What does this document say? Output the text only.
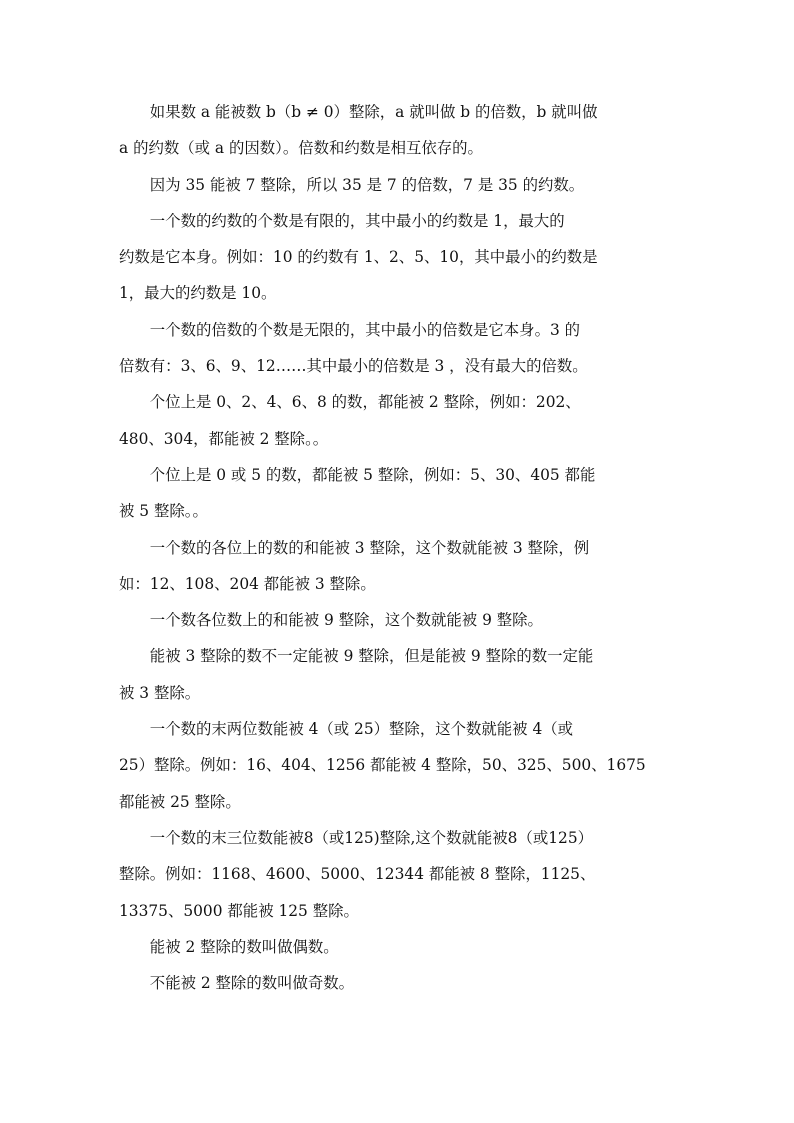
如果数 a 能被数 b（b ≠ 0）整除，a 就叫做 b 的倍数，b 就叫做
a 的约数（或 a 的因数）。倍数和约数是相互依存的。
因为 35 能被 7 整除，所以 35 是 7 的倍数，7 是 35 的约数。
一个数的约数的个数是有限的，其中最小的约数是 1，最大的
约数是它本身。例如：10 的约数有 1、2、5、10，其中最小的约数是
1，最大的约数是 10。
一个数的倍数的个数是无限的，其中最小的倍数是它本身。3 的
倍数有：3、6、9、12……其中最小的倍数是 3 ，没有最大的倍数。
个位上是 0、2、4、6、8 的数，都能被 2 整除，例如：202、
480、304，都能被 2 整除。。
个位上是 0 或 5 的数，都能被 5 整除，例如：5、30、405 都能
被 5 整除。。
一个数的各位上的数的和能被 3 整除，这个数就能被 3 整除，例
如：12、108、204 都能被 3 整除。
一个数各位数上的和能被 9 整除，这个数就能被 9 整除。
能被 3 整除的数不一定能被 9 整除，但是能被 9 整除的数一定能
被 3 整除。
一个数的末两位数能被 4（或 25）整除，这个数就能被 4（或
25）整除。例如：16、404、1256 都能被 4 整除，50、325、500、1675
都能被 25 整除。
一个数的末三位数能被8（或125)整除,这个数就能被8（或125）
整除。例如：1168、4600、5000、12344 都能被 8 整除，1125、
13375、5000 都能被 125 整除。
能被 2 整除的数叫做偶数。
不能被 2 整除的数叫做奇数。
